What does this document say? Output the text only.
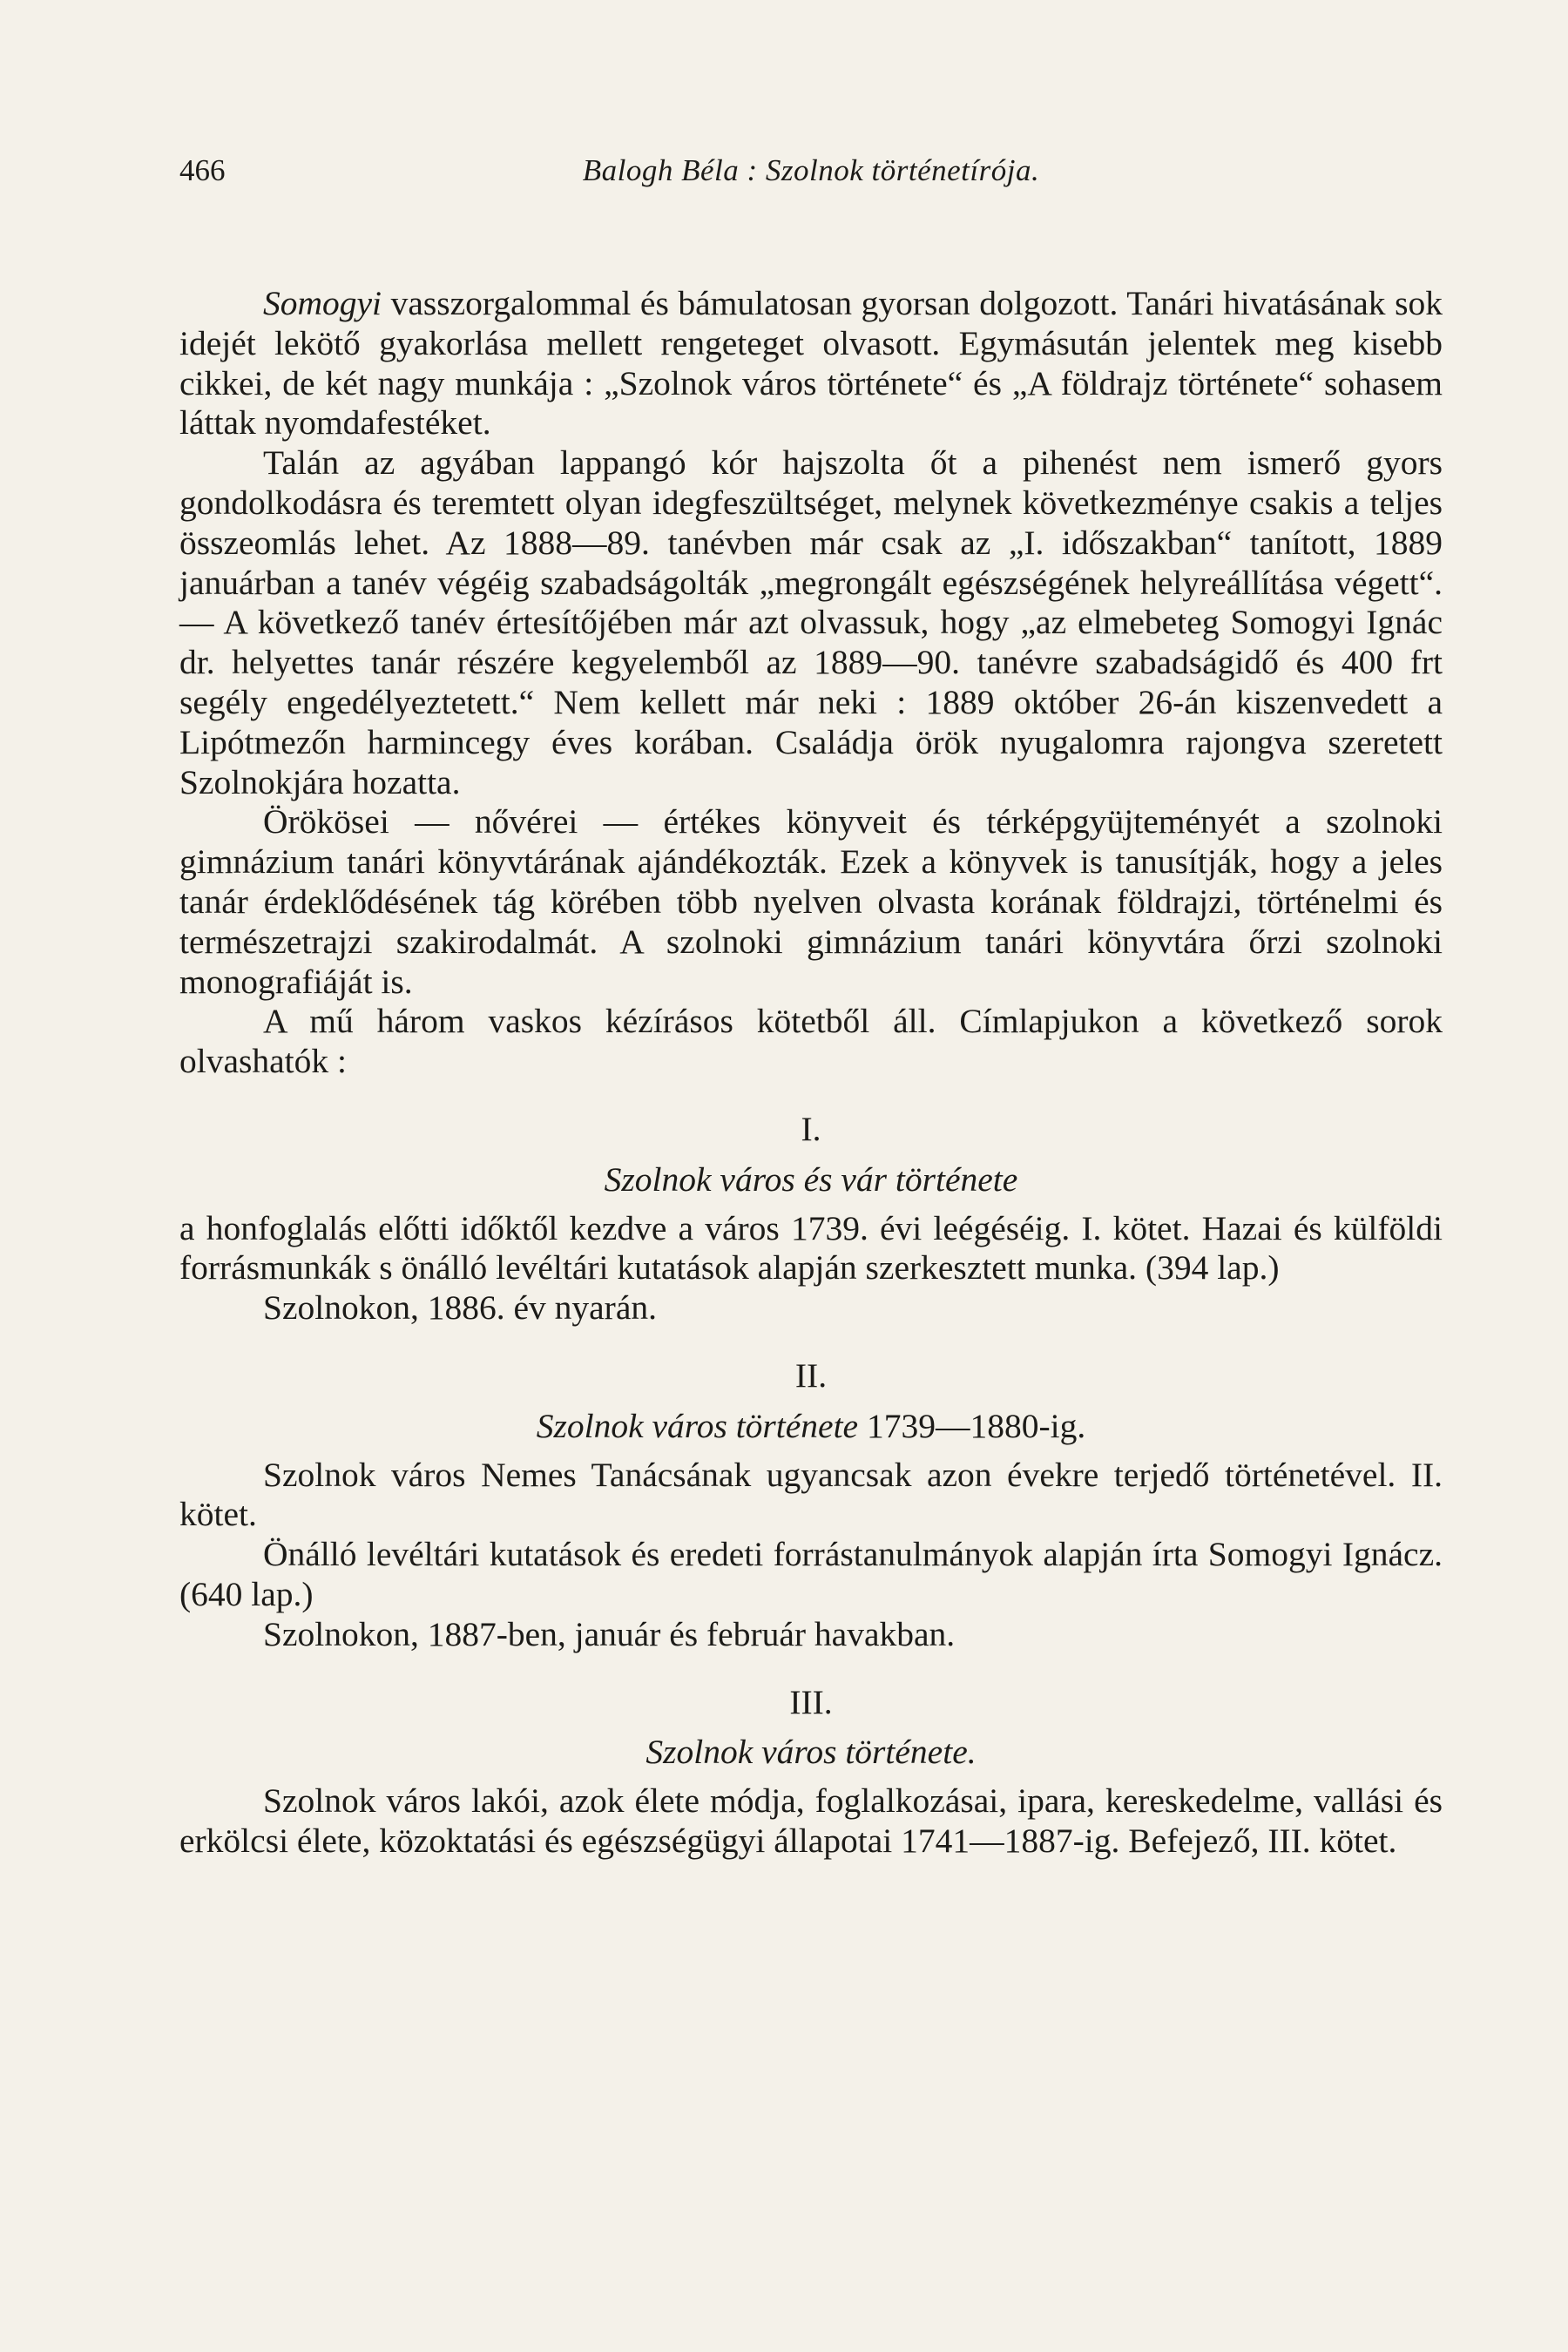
466	Balogh Béla : Szolnok történetírója.

Somogyi vasszorgalommal és bámulatosan gyorsan dolgozott. Tanári hivatásának sok idejét lekötő gyakorlása mellett rengeteget olvasott. Egymásután jelentek meg kisebb cikkei, de két nagy munkája : „Szolnok város története“ és „A földrajz története“ sohasem láttak nyomdafestéket.

Talán az agyában lappangó kór hajszolta őt a pihenést nem ismerő gyors gondolkodásra és teremtett olyan idegfeszültséget, melynek következménye csakis a teljes összeomlás lehet. Az 1888—89. tanévben már csak az „I. időszakban“ tanított, 1889 januárban a tanév végéig szabadságolták „megrongált egészségének helyreállítása végett“. — A következő tanév értesítőjében már azt olvassuk, hogy „az elmebeteg Somogyi Ignác dr. helyettes tanár részére kegyelemből az 1889—90. tanévre szabadságidő és 400 frt segély engedélyeztetett.“ Nem kellett már neki : 1889 október 26-án kiszenvedett a Lipótmezőn harmincegy éves korában. Családja örök nyugalomra rajongva szeretett Szolnokjára hozatta.

Örökösei — nővérei — értékes könyveit és térképgyüjteményét a szolnoki gimnázium tanári könyvtárának ajándékozták. Ezek a könyvek is tanusítják, hogy a jeles tanár érdeklődésének tág körében több nyelven olvasta korának földrajzi, történelmi és természetrajzi szakirodalmát. A szolnoki gimnázium tanári könyvtára őrzi szolnoki monografiáját is.

A mű három vaskos kézírásos kötetből áll. Címlapjukon a következő sorok olvashatók :

I.
Szolnok város és vár története

a honfoglalás előtti időktől kezdve a város 1739. évi leégéséig. I. kötet. Hazai és külföldi forrásmunkák s önálló levéltári kutatások alapján szerkesztett munka. (394 lap.)

Szolnokon, 1886. év nyarán.

II.
Szolnok város története 1739—1880-ig.

Szolnok város Nemes Tanácsának ugyancsak azon évekre terjedő történetével. II. kötet.

Önálló levéltári kutatások és eredeti forrástanulmányok alapján írta Somogyi Ignácz. (640 lap.)

Szolnokon, 1887-ben, január és február havakban.

III.
Szolnok város története.

Szolnok város lakói, azok élete módja, foglalkozásai, ipara, kereskedelme, vallási és erkölcsi élete, közoktatási és egészségügyi állapotai 1741—1887-ig. Befejező, III. kötet.
